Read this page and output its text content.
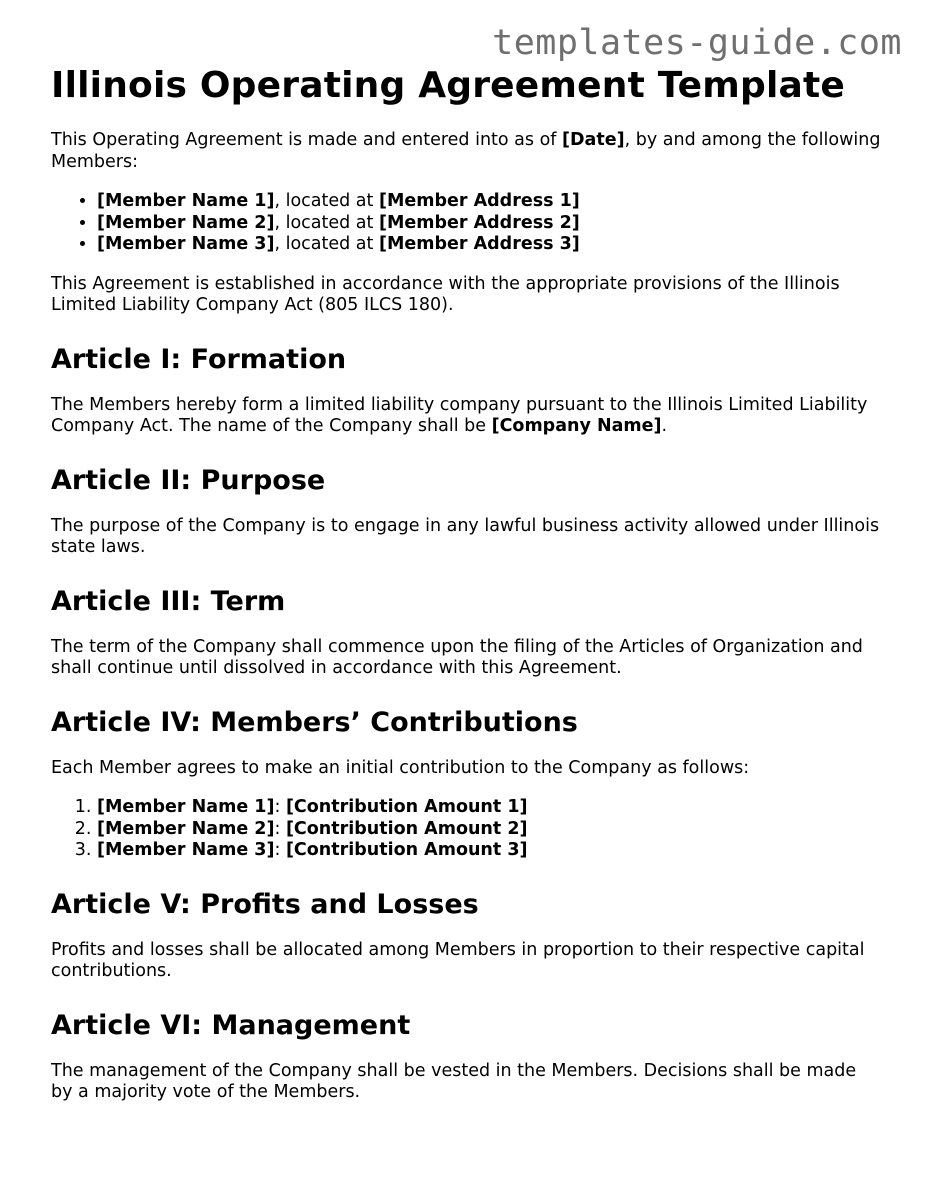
templates-guide.com
Illinois Operating Agreement Template

This Operating Agreement is made and entered into as of [Date], by and among the following Members:

• [Member Name 1], located at [Member Address 1]
• [Member Name 2], located at [Member Address 2]
• [Member Name 3], located at [Member Address 3]

This Agreement is established in accordance with the appropriate provisions of the Illinois Limited Liability Company Act (805 ILCS 180).

Article I: Formation

The Members hereby form a limited liability company pursuant to the Illinois Limited Liability Company Act. The name of the Company shall be [Company Name].

Article II: Purpose

The purpose of the Company is to engage in any lawful business activity allowed under Illinois state laws.

Article III: Term

The term of the Company shall commence upon the filing of the Articles of Organization and shall continue until dissolved in accordance with this Agreement.

Article IV: Members’ Contributions

Each Member agrees to make an initial contribution to the Company as follows:

1. [Member Name 1]: [Contribution Amount 1]
2. [Member Name 2]: [Contribution Amount 2]
3. [Member Name 3]: [Contribution Amount 3]
Article V: Profits and Losses

Profits and losses shall be allocated among Members in proportion to their respective capital contributions.

Article VI: Management

The management of the Company shall be vested in the Members. Decisions shall be made by a majority vote of the Members.
